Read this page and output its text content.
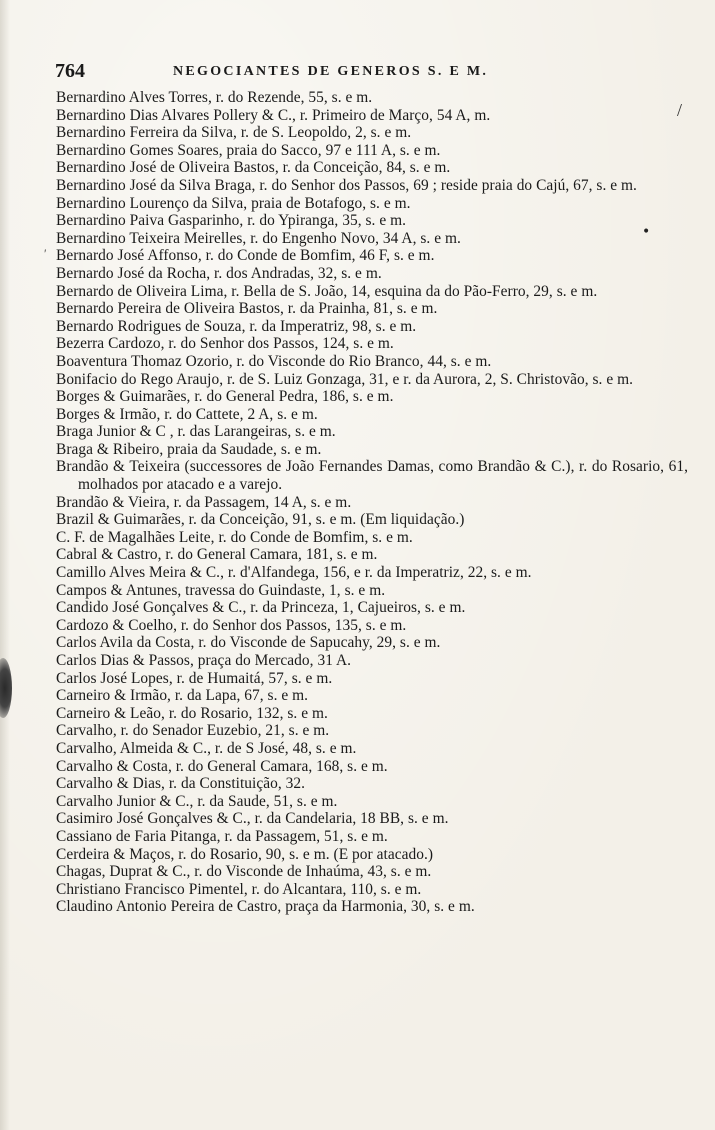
764	NEGOCIANTES DE GENEROS S. E M.
/
•
´
Bernardino Alves Torres, r. do Rezende, 55, s. e m.
Bernardino Dias Alvares Pollery & C., r. Primeiro de Março, 54 A, m.
Bernardino Ferreira da Silva, r. de S. Leopoldo, 2, s. e m.
Bernardino Gomes Soares, praia do Sacco, 97 e 111 A, s. e m.
Bernardino José de Oliveira Bastos, r. da Conceição, 84, s. e m.
Bernardino José da Silva Braga, r. do Senhor dos Passos, 69 ; reside praia do Cajú, 67, s. e m.
Bernardino Lourenço da Silva, praia de Botafogo, s. e m.
Bernardino Paiva Gasparinho, r. do Ypiranga, 35, s. e m.
Bernardino Teixeira Meirelles, r. do Engenho Novo, 34 A, s. e m.
Bernardo José Affonso, r. do Conde de Bomfim, 46 F, s. e m.
Bernardo José da Rocha, r. dos Andradas, 32, s. e m.
Bernardo de Oliveira Lima, r. Bella de S. João, 14, esquina da do Pão-Ferro, 29, s. e m.
Bernardo Pereira de Oliveira Bastos, r. da Prainha, 81, s. e m.
Bernardo Rodrigues de Souza, r. da Imperatriz, 98, s. e m.
Bezerra Cardozo, r. do Senhor dos Passos, 124, s. e m.
Boaventura Thomaz Ozorio, r. do Visconde do Rio Branco, 44, s. e m.
Bonifacio do Rego Araujo, r. de S. Luiz Gonzaga, 31, e r. da Aurora, 2, S. Christovão, s. e m.
Borges & Guimarães, r. do General Pedra, 186, s. e m.
Borges & Irmão, r. do Cattete, 2 A, s. e m.
Braga Junior & C , r. das Larangeiras, s. e m.
Braga & Ribeiro, praia da Saudade, s. e m.
Brandão & Teixeira (successores de João Fernandes Damas, como Brandão & C.), r. do Rosario, 61, molhados por atacado e a varejo.
Brandão & Vieira, r. da Passagem, 14 A, s. e m.
Brazil & Guimarães, r. da Conceição, 91, s. e m. (Em liquidação.)
C. F. de Magalhães Leite, r. do Conde de Bomfim, s. e m.
Cabral & Castro, r. do General Camara, 181, s. e m.
Camillo Alves Meira & C., r. d'Alfandega, 156, e r. da Imperatriz, 22, s. e m.
Campos & Antunes, travessa do Guindaste, 1, s. e m.
Candido José Gonçalves & C., r. da Princeza, 1, Cajueiros, s. e m.
Cardozo & Coelho, r. do Senhor dos Passos, 135, s. e m.
Carlos Avila da Costa, r. do Visconde de Sapucahy, 29, s. e m.
Carlos Dias & Passos, praça do Mercado, 31 A.
Carlos José Lopes, r. de Humaitá, 57, s. e m.
Carneiro & Irmão, r. da Lapa, 67, s. e m.
Carneiro & Leão, r. do Rosario, 132, s. e m.
Carvalho, r. do Senador Euzebio, 21, s. e m.
Carvalho, Almeida & C., r. de S José, 48, s. e m.
Carvalho & Costa, r. do General Camara, 168, s. e m.
Carvalho & Dias, r. da Constituição, 32.
Carvalho Junior & C., r. da Saude, 51, s. e m.
Casimiro José Gonçalves & C., r. da Candelaria, 18 BB, s. e m.
Cassiano de Faria Pitanga, r. da Passagem, 51, s. e m.
Cerdeira & Maços, r. do Rosario, 90, s. e m. (E por atacado.)
Chagas, Duprat & C., r. do Visconde de Inhaúma, 43, s. e m.
Christiano Francisco Pimentel, r. do Alcantara, 110, s. e m.
Claudino Antonio Pereira de Castro, praça da Harmonia, 30, s. e m.
